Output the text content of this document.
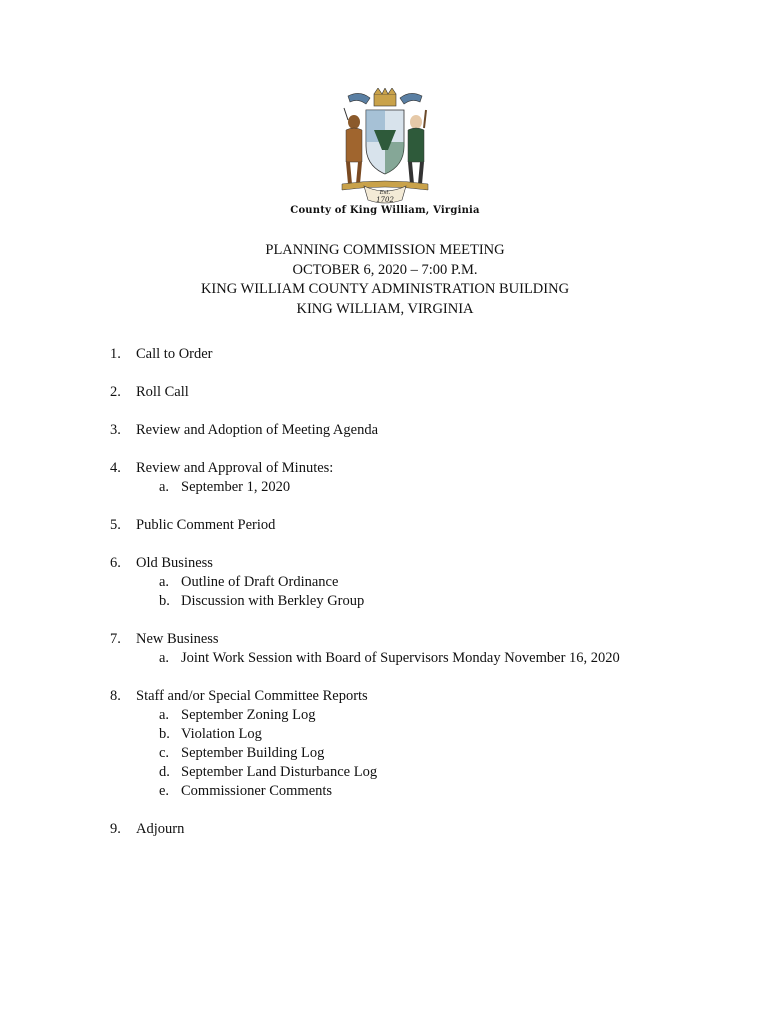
Est.
1702
County of King William, Virginia
PLANNING COMMISSION MEETING
OCTOBER 6, 2020 – 7:00 P.M.
KING WILLIAM COUNTY ADMINISTRATION BUILDING
KING WILLIAM, VIRGINIA
1. Call to Order
2. Roll Call
3. Review and Adoption of Meeting Agenda
4. Review and Approval of Minutes:
a. September 1, 2020
5. Public Comment Period
6. Old Business
a. Outline of Draft Ordinance
b. Discussion with Berkley Group
7. New Business
a. Joint Work Session with Board of Supervisors Monday November 16, 2020
8. Staff and/or Special Committee Reports
a. September Zoning Log
b. Violation Log
c. September Building Log
d. September Land Disturbance Log
e. Commissioner Comments
9. Adjourn
